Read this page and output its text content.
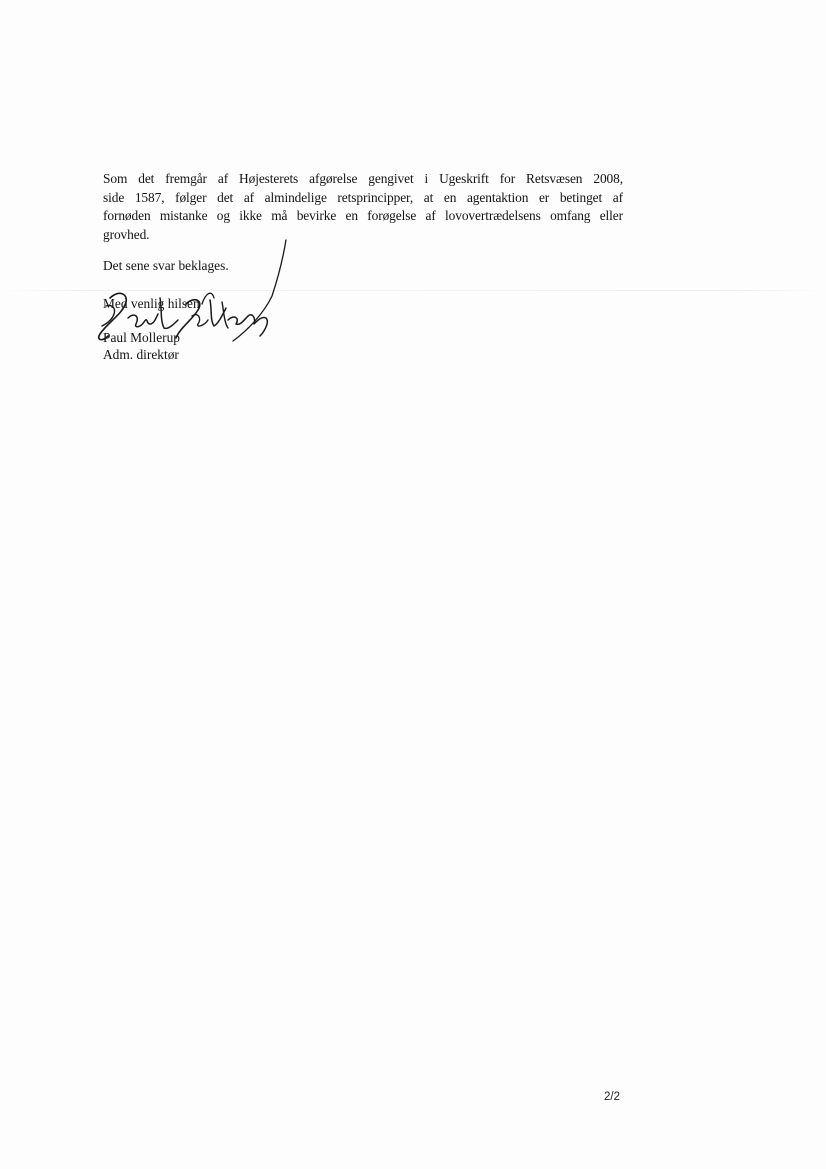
Som det fremgår af Højesterets afgørelse gengivet i Ugeskrift for Retsvæsen 2008,
side 1587, følger det af almindelige retsprincipper, at en agentaktion er betinget af
fornøden mistanke og ikke må bevirke en forøgelse af lovovertrædelsens omfang eller
grovhed.

Det sene svar beklages.

Med venlig hilsen

Paul Mollerup

Adm. direktør

2/2
